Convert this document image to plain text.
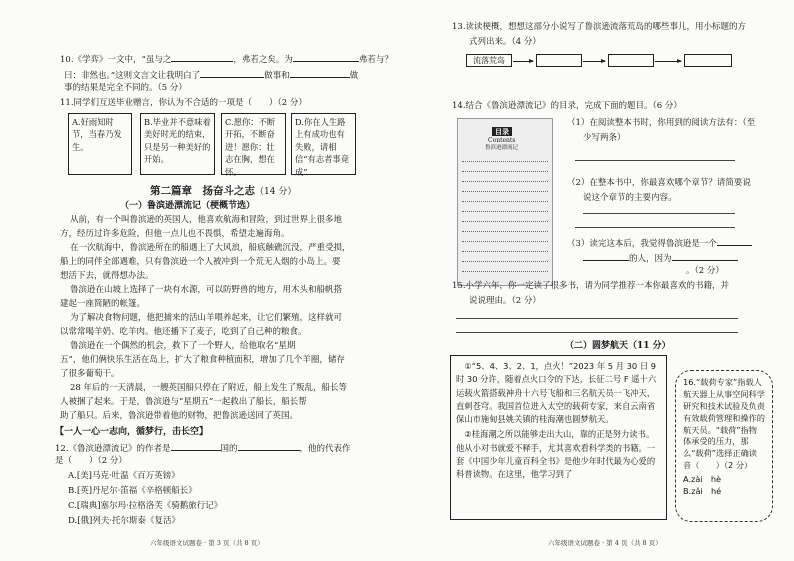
10.《学弈》一文中，“虽与之	，弗若之矣。为	弗若与？
曰：非然也。”这则文言文让我明白了	做事和	做
事的结果是完全不同的。（5 分）
11.同学们互送毕业赠言，你认为不合适的一项是（　　）（2 分）
A.好雨知时节，当春乃发生。
B.毕业并不意味着美好时光的结束，只是另一种美好的开始。
C.愿你：不断开拓，不断奋进！愿你：壮志在胸，想在怀。
D.你在人生路上有成功也有失败，请相信“有志者事竟成”
第二篇章　扬奋斗之志（14 分）
（一）鲁滨逊漂流记（梗概节选）
从前，有一个叫鲁滨逊的英国人，他喜欢航海和冒险，到过世界上很多地
方，经历过许多危险，但他一点儿也不畏惧，希望走遍海角。
在一次航海中，鲁滨逊所在的船遇上了大风浪，船底触礁沉没，严重受损，
船上的同伴全部遇难，只有鲁滨逊一个人被冲到一个荒无人烟的小岛上。要
想活下去，就得想办法。
鲁滨逊在山坡上选择了一块有水源，可以防野兽的地方，用木头和船帆搭
建起一座简陋的帐篷。
为了解决食物问题，他把捕来的活山羊喂养起来，让它们繁殖，这样就可
以常常喝羊奶、吃羊肉。他还播下了麦子，吃到了自己种的粮食。
鲁滨逊在一个偶然的机会，救下了一个野人，给他取名“星期
五”，他们俩快乐生活在岛上，扩大了粮食种植面积，增加了几个羊圈，储存
了很多葡萄干。
28 年后的一天清晨，一艘英国船只停在了附近，船上发生了叛乱，船长等
人被捆了起来。于是，鲁滨逊与“星期五”一起救出了船长，船长帮
助了船只。后来，鲁滨逊带着他的财物，把鲁滨逊送回了英国。
【一人一心一志向，循梦行，击长空】
12.《鲁滨逊漂流记》的作者是	国的	，他的代表作
是（　　）（2 分）
A.[美]马克·吐温《百万英镑》
B.[英]丹尼尔·笛福《辛格顿船长》
C.[瑞典]塞尔玛·拉格洛芙《骑鹅旅行记》
D.[俄]列夫·托尔斯泰《复活》
六年级语文试题卷 · 第 3 页（共 8 页）
13.读读梗概，想想这部分小说写了鲁滨逊流落荒岛的哪些事儿，用小标题的方
式列出来。（4 分）
流落荒岛
14.结合《鲁滨逊漂流记》的目录，完成下面的题目。（6 分）
目录
Contents
鲁滨逊漂流记
（1）在阅读整本书时，你用到的阅读方法有：（至
少写两条）
（2）在整本书中，你最喜欢哪个章节？请简要说
说这个章节的主要内容。
（3）读完这本后，我觉得鲁滨逊是一个
的人，因为
。（2 分）
15.小学六年，你一定读了很多书，请为同学推荐一本你最喜欢的书籍，并
说说理由。（2 分）
（二）圆梦航天（11 分）
①“5、4、3、2、1，点火！”2023 年 5 月 30 日 9 时 30 分许，随着点火口令的下达，长征二号 F 遥十六运载火箭搭载神舟十六号飞船和三名航天员一飞冲天，直刺苍穹。我国首位进入太空的载荷专家，来自云南省保山市施甸县姚关镇的桂海潮也圆梦航天。
②桂海潮之所以能够走出大山，靠的正是努力读书。他从小对书就爱不释手，尤其喜欢看科学类的书籍。一套《中国少年儿童百科全书》是他少年时代最为心爱的科普读物。在这里，他学习到了
16.“载荷专家”指载人航天器上从事空间科学研究和技术试验及负责有效载荷管理和操作的航天员。“载荷”指物体承受的压力，那么“载荷”选择正确读音（　　）（2 分）
A.zài　hè
B.zǎi　hé
六年级语文试题卷 · 第 4 页（共 8 页）
